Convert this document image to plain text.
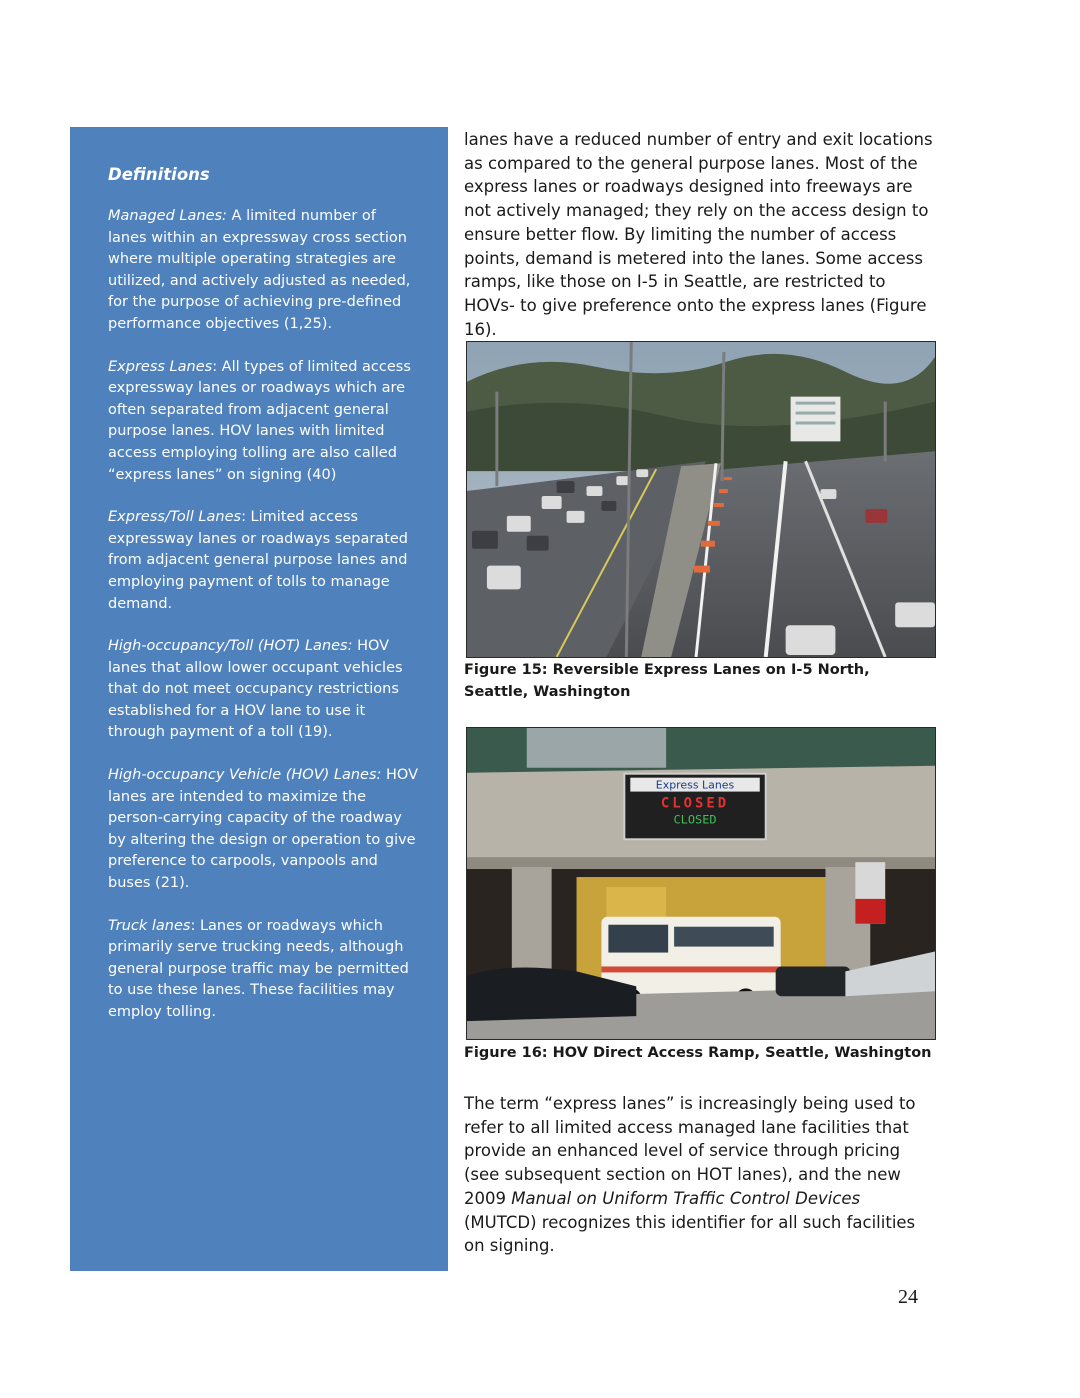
Definitions

Managed Lanes: A limited number of lanes within an expressway cross section where multiple operating strategies are utilized, and actively adjusted as needed, for the purpose of achieving pre-defined performance objectives (1,25).

Express Lanes: All types of limited access expressway lanes or roadways which are often separated from adjacent general purpose lanes. HOV lanes with limited access employing tolling are also called “express lanes” on signing (40)

Express/Toll Lanes: Limited access expressway lanes or roadways separated from adjacent general purpose lanes and employing payment of tolls to manage demand.

High-occupancy/Toll (HOT) Lanes: HOV lanes that allow lower occupant vehicles that do not meet occupancy restrictions established for a HOV lane to use it through payment of a toll (19).

High-occupancy Vehicle (HOV) Lanes: HOV lanes are intended to maximize the person-carrying capacity of the roadway by altering the design or operation to give preference to carpools, vanpools and buses (21).

Truck lanes: Lanes or roadways which primarily serve trucking needs, although general purpose traffic may be permitted to use these lanes. These facilities may employ tolling.

lanes have a reduced number of entry and exit locations as compared to the general purpose lanes. Most of the express lanes or roadways designed into freeways are not actively managed; they rely on the access design to ensure better flow. By limiting the number of access points, demand is metered into the lanes. Some access ramps, like those on I-5 in Seattle, are restricted to HOVs- to give preference onto the express lanes (Figure 16).

Figure 15: Reversible Express Lanes on I-5 North, Seattle, Washington
Express Lanes
CLOSED
CLOSED
Figure 16: HOV Direct Access Ramp, Seattle, Washington

The term “express lanes” is increasingly being used to refer to all limited access managed lane facilities that provide an enhanced level of service through pricing (see subsequent section on HOT lanes), and the new 2009 Manual on Uniform Traffic Control Devices (MUTCD) recognizes this identifier for all such facilities on signing.

24
